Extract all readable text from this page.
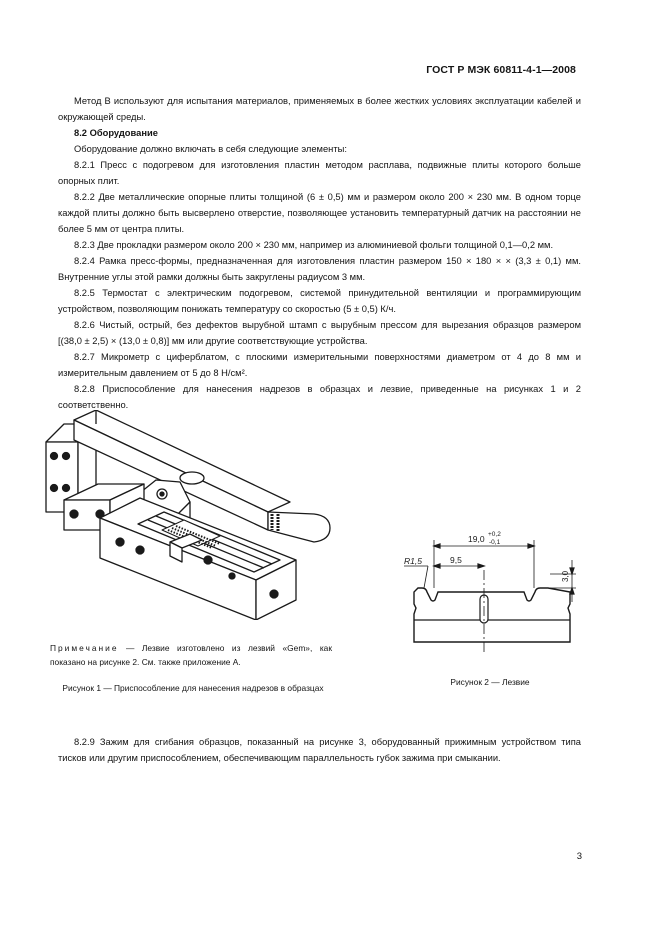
ГОСТ Р МЭК 60811-4-1—2008

Метод В используют для испытания материалов, применяемых в более жестких условиях эксплуатации кабелей и окружающей среды.

8.2 Оборудование

Оборудование должно включать в себя следующие элементы:

8.2.1 Пресс с подогревом для изготовления пластин методом расплава, подвижные плиты которого больше опорных плит.

8.2.2 Две металлические опорные плиты толщиной (6 ± 0,5) мм и размером около 200 × 230 мм. В одном торце каждой плиты должно быть высверлено отверстие, позволяющее установить температурный датчик на расстоянии не более 5 мм от центра плиты.

8.2.3 Две прокладки размером около 200 × 230 мм, например из алюминиевой фольги толщиной 0,1—0,2 мм.

8.2.4 Рамка пресс-формы, предназначенная для изготовления пластин размером 150 × 180 × × (3,3 ± 0,1) мм. Внутренние углы этой рамки должны быть закруглены радиусом 3 мм.

8.2.5 Термостат с электрическим подогревом, системой принудительной вентиляции и программирующим устройством, позволяющим понижать температуру со скоростью (5 ± 0,5) К/ч.

8.2.6 Чистый, острый, без дефектов вырубной штамп с вырубным прессом для вырезания образцов размером [(38,0 ± 2,5) × (13,0 ± 0,8)] мм или другие соответствующие устройства.

8.2.7 Микрометр с циферблатом, с плоскими измерительными поверхностями диаметром от 4 до 8 мм и измерительным давлением от 5 до 8 Н/см².

8.2.8 Приспособление для нанесения надрезов в образцах и лезвие, приведенные на рисунках 1 и 2 соответственно.

Примечание — Лезвие изготовлено из лезвий «Gem», как показано на рисунке 2. См. также приложение А.
Рисунок 1 — Приспособление для нанесения надрезов в образцах
R1,5
19,0 +0,2
-0,1
9,5
3,0
Рисунок 2 — Лезвие

8.2.9 Зажим для сгибания образцов, показанный на рисунке 3, оборудованный прижимным устройством типа тисков или другим приспособлением, обеспечивающим параллельность губок зажима при смыкании.

3
